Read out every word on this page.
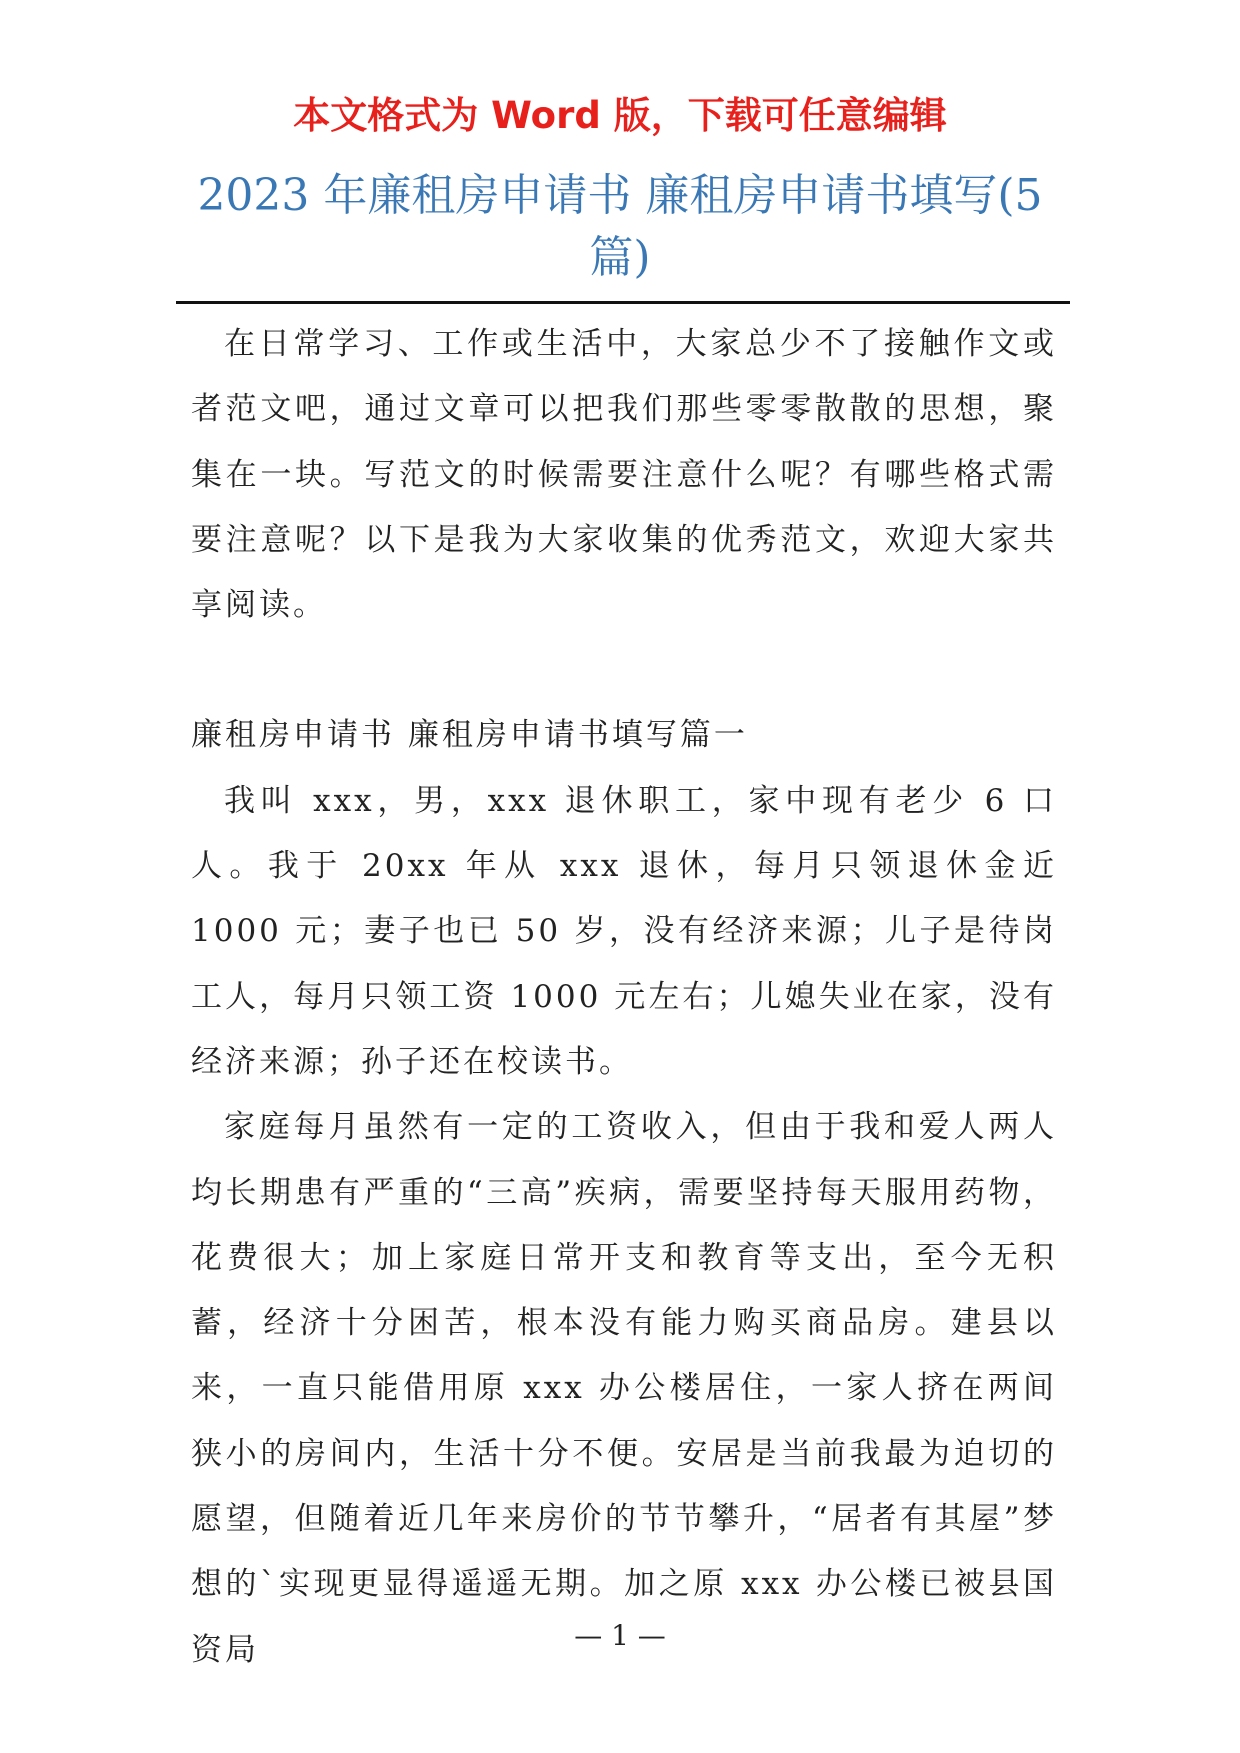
本文格式为 Word 版，下载可任意编辑

2023 年廉租房申请书 廉租房申请书填写(5 篇)

在日常学习、工作或生活中，大家总少不了接触作文或者范文吧，通过文章可以把我们那些零零散散的思想，聚集在一块。写范文的时候需要注意什么呢？有哪些格式需要注意呢？以下是我为大家收集的优秀范文，欢迎大家共享阅读。

廉租房申请书 廉租房申请书填写篇一

我叫 xxx，男，xxx 退休职工，家中现有老少 6 口人。我于 20xx 年从 xxx 退休，每月只领退休金近 1000 元；妻子也已 50 岁，没有经济来源；儿子是待岗工人，每月只领工资 1000 元左右；儿媳失业在家，没有经济来源；孙子还在校读书。

家庭每月虽然有一定的工资收入，但由于我和爱人两人均长期患有严重的“三高”疾病，需要坚持每天服用药物，花费很大；加上家庭日常开支和教育等支出，至今无积蓄，经济十分困苦，根本没有能力购买商品房。建县以来，一直只能借用原 xxx 办公楼居住，一家人挤在两间狭小的房间内，生活十分不便。安居是当前我最为迫切的愿望，但随着近几年来房价的节节攀升，“居者有其屋”梦想的`实现更显得遥遥无期。加之原 xxx 办公楼已被县国资局	— 1 —
